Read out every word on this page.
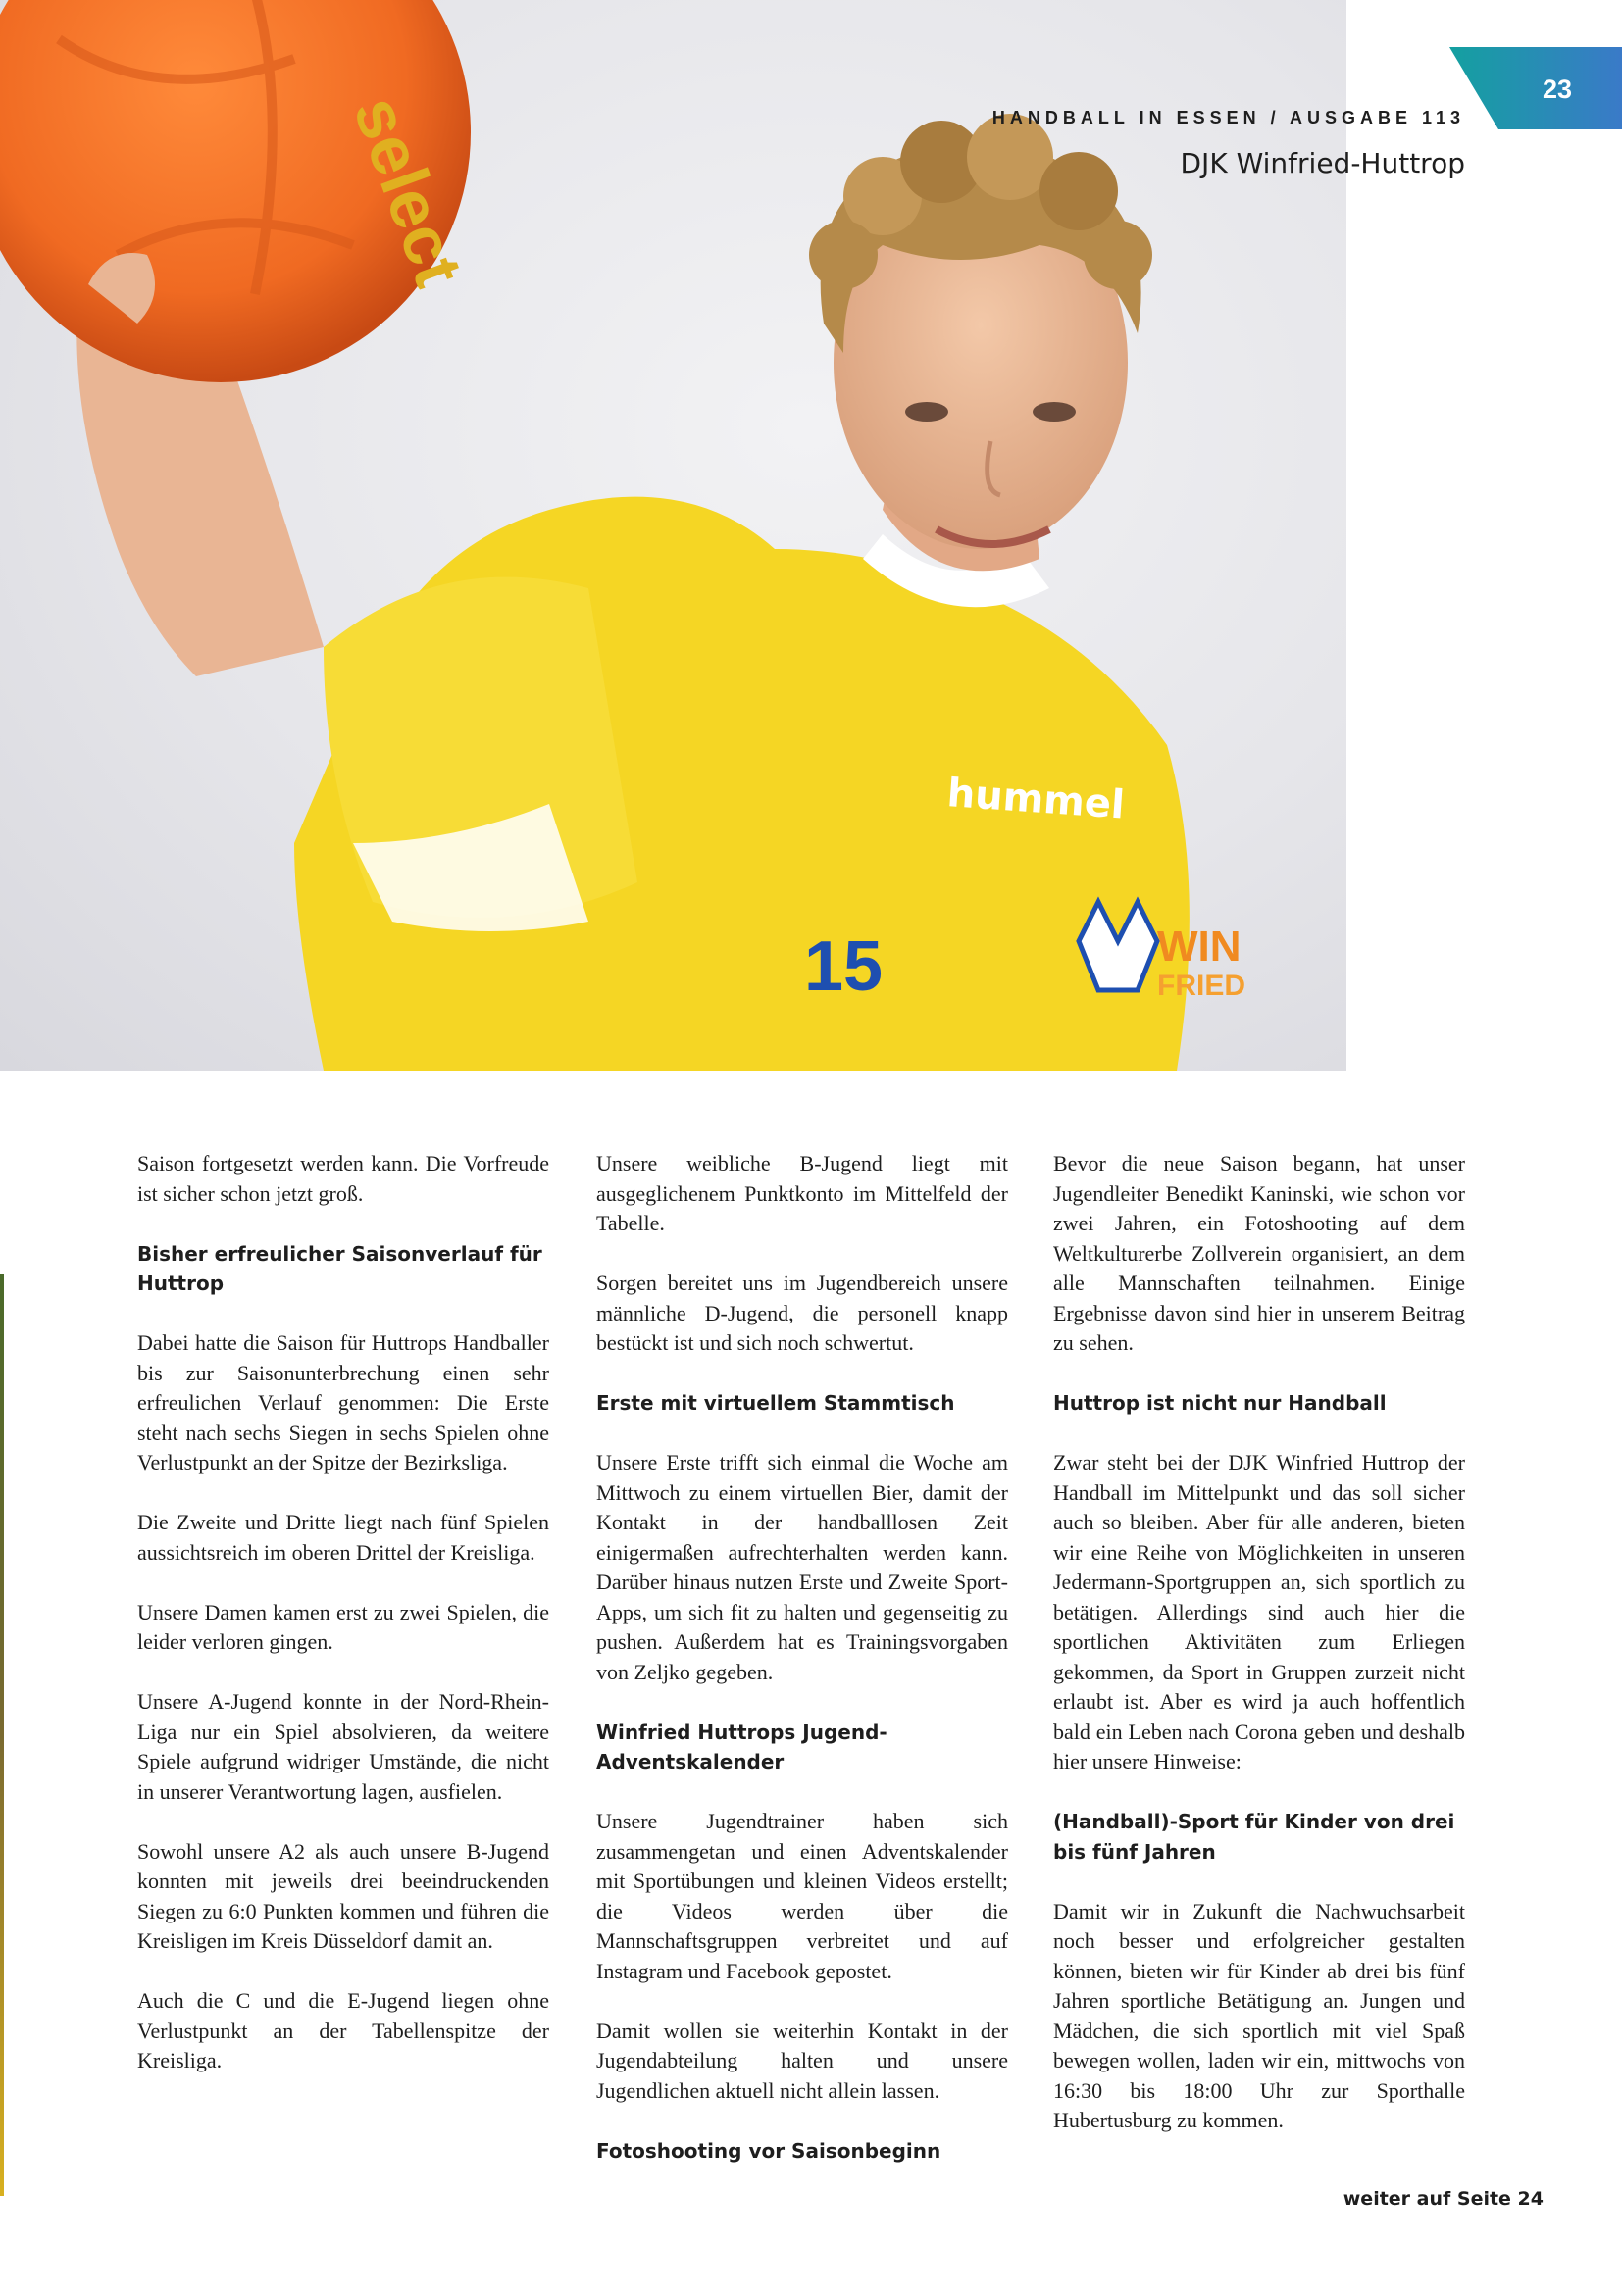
select
hummel
15	WIN
FRIED
23
HANDBALL IN ESSEN / AUSGABE 113
DJK Winfried-Huttrop

Saison fortgesetzt werden kann. Die Vorfreude ist sicher schon jetzt groß.

Bisher erfreulicher Saisonverlauf für Huttrop

Dabei hatte die Saison für Huttrops Handballer bis zur Saisonunterbrechung einen sehr erfreulichen Verlauf genommen: Die Erste steht nach sechs Siegen in sechs Spielen ohne Verlustpunkt an der Spitze der Bezirksliga.

Die Zweite und Dritte liegt nach fünf Spielen aussichtsreich im oberen Drittel der Kreisliga.

Unsere Damen kamen erst zu zwei Spielen, die leider verloren gingen.

Unsere A-Jugend konnte in der Nord-Rhein-Liga nur ein Spiel absolvieren, da weitere Spiele aufgrund widriger Umstände, die nicht in unserer Verantwortung lagen, ausfielen.

Sowohl unsere A2 als auch unsere B-Jugend konnten mit jeweils drei beeindruckenden Siegen zu 6:0 Punkten kommen und führen die Kreisligen im Kreis Düsseldorf damit an.

Auch die C und die E-Jugend liegen ohne Verlustpunkt an der Tabellenspitze der Kreisliga.

Unsere weibliche B-Jugend liegt mit ausgeglichenem Punktkonto im Mittelfeld der Tabelle.

Sorgen bereitet uns im Jugendbereich unsere männliche D-Jugend, die personell knapp bestückt ist und sich noch schwertut.

Erste mit virtuellem Stammtisch

Unsere Erste trifft sich einmal die Woche am Mittwoch zu einem virtuellen Bier, damit der Kontakt in der handballlosen Zeit einigermaßen aufrechterhalten werden kann. Darüber hinaus nutzen Erste und Zweite Sport-Apps, um sich fit zu halten und gegenseitig zu pushen. Außerdem hat es Trainingsvorgaben von Zeljko gegeben.

Winfried Huttrops Jugend-Adventskalender

Unsere Jugendtrainer haben sich zusammengetan und einen Adventskalender mit Sportübungen und kleinen Videos erstellt; die Videos werden über die Mannschaftsgruppen verbreitet und auf Instagram und Facebook gepostet.

Damit wollen sie weiterhin Kontakt in der Jugendabteilung halten und unsere Jugendlichen aktuell nicht allein lassen.

Fotoshooting vor Saisonbeginn

Bevor die neue Saison begann, hat unser Jugendleiter Benedikt Kaninski, wie schon vor zwei Jahren, ein Fotoshooting auf dem Weltkulturerbe Zollverein organisiert, an dem alle Mannschaften teilnahmen. Einige Ergebnisse davon sind hier in unserem Beitrag zu sehen.

Huttrop ist nicht nur Handball

Zwar steht bei der DJK Winfried Huttrop der Handball im Mittelpunkt und das soll sicher auch so bleiben. Aber für alle anderen, bieten wir eine Reihe von Möglichkeiten in unseren Jedermann-Sportgruppen an, sich sportlich zu betätigen. Allerdings sind auch hier die sportlichen Aktivitäten zum Erliegen gekommen, da Sport in Gruppen zurzeit nicht erlaubt ist. Aber es wird ja auch hoffentlich bald ein Leben nach Corona geben und deshalb hier unsere Hinweise:

(Handball)-Sport für Kinder von drei bis fünf Jahren

Damit wir in Zukunft die Nachwuchsarbeit noch besser und erfolgreicher gestalten können, bieten wir für Kinder ab drei bis fünf Jahren sportliche Betätigung an. Jungen und Mädchen, die sich sportlich mit viel Spaß bewegen wollen, laden wir ein, mittwochs von 16:30 bis 18:00 Uhr zur Sporthalle Hubertusburg zu kommen.

weiter auf Seite 24
